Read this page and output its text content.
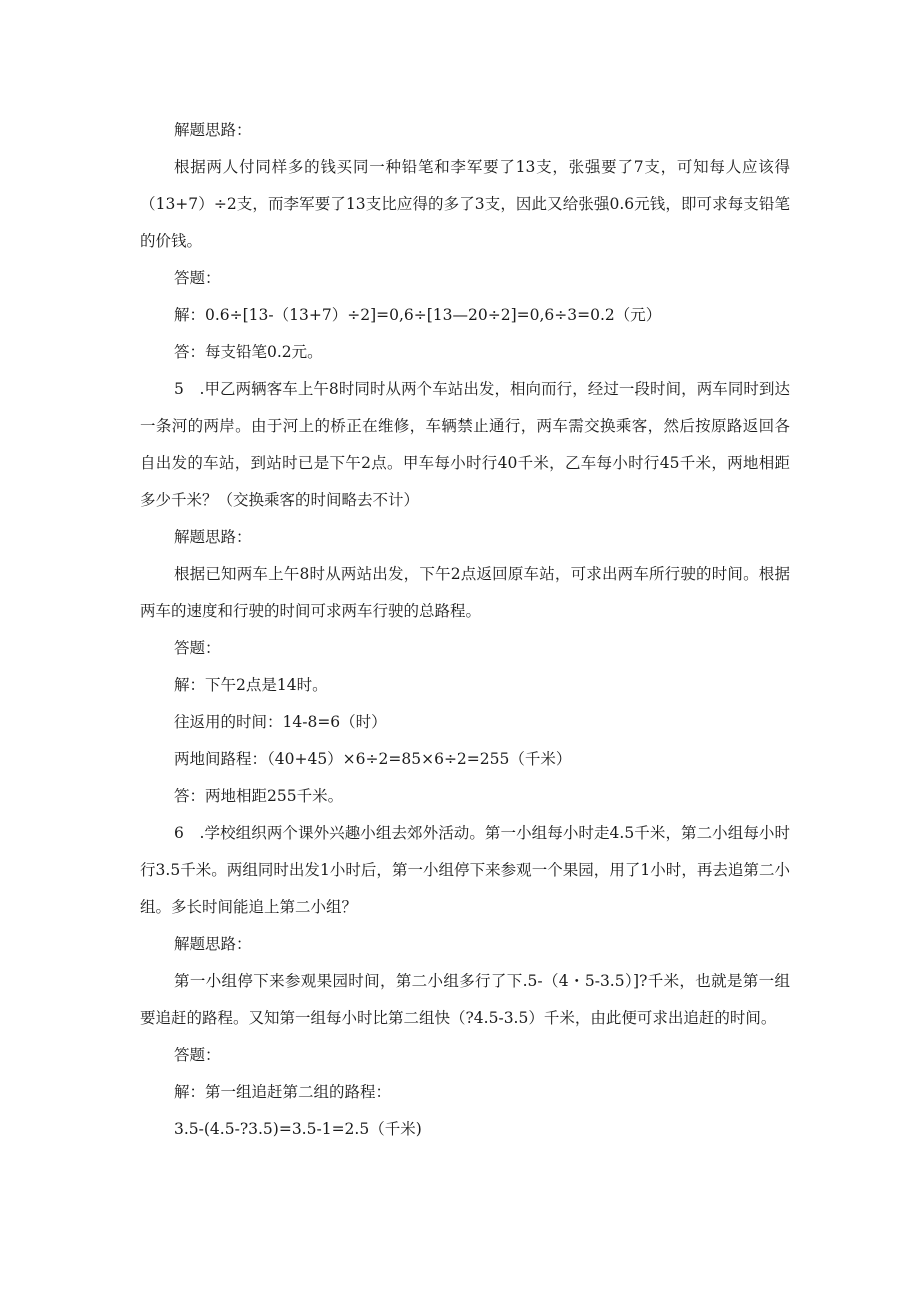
解题思路：

根据两人付同样多的钱买同一种铅笔和李军要了13支，张强要了7支，可知每人应该得（13+7）÷2支，而李军要了13支比应得的多了3支，因此又给张强0.6元钱，即可求每支铅笔的价钱。

答题：

解：0.6÷[13-（13+7）÷2]=0,6÷[13—20÷2]=0,6÷3=0.2（元）

答：每支铅笔0.2元。

5　.甲乙两辆客车上午8时同时从两个车站出发，相向而行，经过一段时间，两车同时到达一条河的两岸。由于河上的桥正在维修，车辆禁止通行，两车需交换乘客，然后按原路返回各自出发的车站，到站时已是下午2点。甲车每小时行40千米，乙车每小时行45千米，两地相距多少千米？（交换乘客的时间略去不计）

解题思路：

根据已知两车上午8时从两站出发，下午2点返回原车站，可求出两车所行驶的时间。根据两车的速度和行驶的时间可求两车行驶的总路程。

答题：

解：下午2点是14时。

往返用的时间：14-8=6（时）

两地间路程：（40+45）×6÷2=85×6÷2=255（千米）

答：两地相距255千米。

6　.学校组织两个课外兴趣小组去郊外活动。第一小组每小时走4.5千米，第二小组每小时行3.5千米。两组同时出发1小时后，第一小组停下来参观一个果园，用了1小时，再去追第二小组。多长时间能追上第二小组？

解题思路：

第一小组停下来参观果园时间，第二小组多行了下.5-（4・5-3.5）]?千米，也就是第一组要追赶的路程。又知第一组每小时比第二组快（?4.5-3.5）千米，由此便可求出追赶的时间。

答题：

解：第一组追赶第二组的路程：

3.5-(4.5-?3.5)=3.5-1=2.5（千米)
